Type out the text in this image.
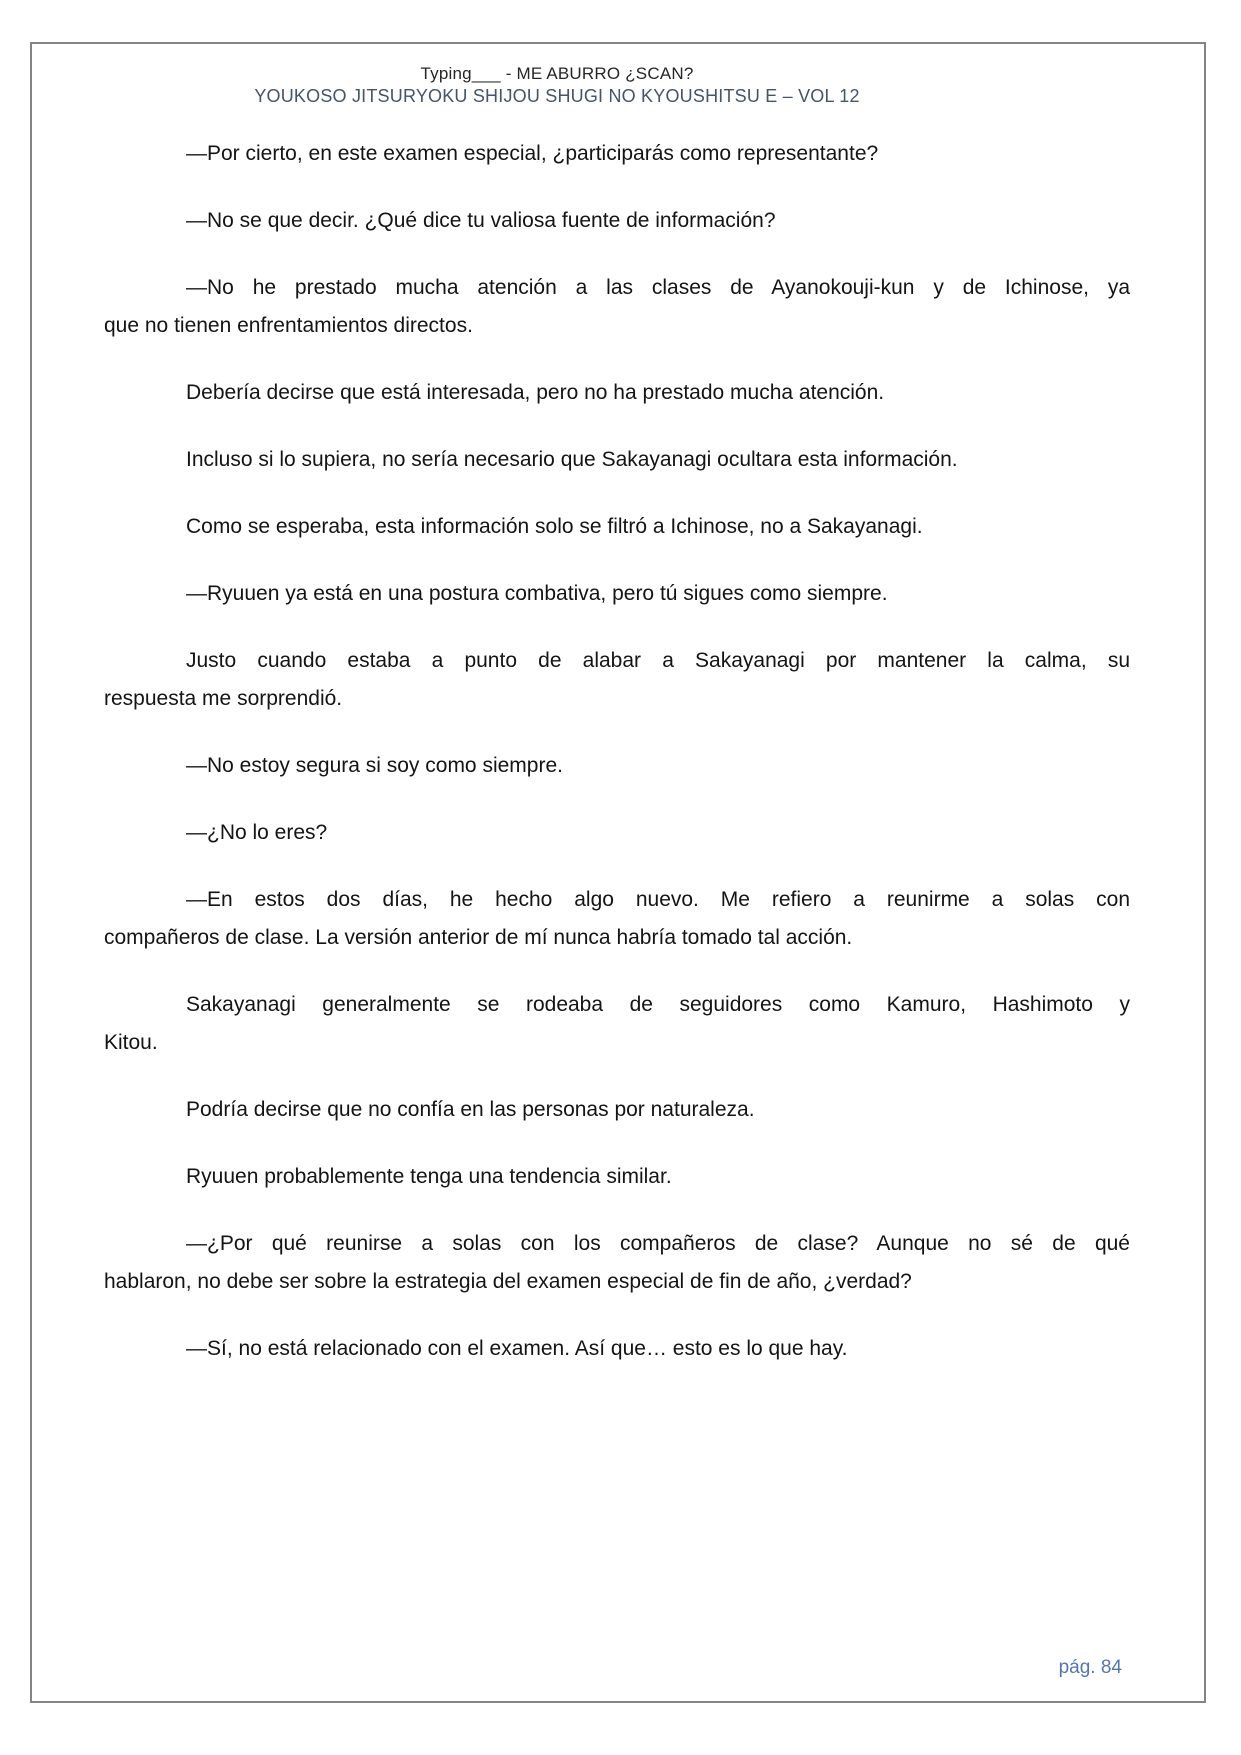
Typing___ - ME ABURRO ¿SCAN?
YOUKOSO JITSURYOKU SHIJOU SHUGI NO KYOUSHITSU E – VOL 12

—Por cierto, en este examen especial, ¿participarás como representante?

—No se que decir. ¿Qué dice tu valiosa fuente de información?

—No he prestado mucha atención a las clases de Ayanokouji-kun y de Ichinose, ya
que no tienen enfrentamientos directos.

Debería decirse que está interesada, pero no ha prestado mucha atención.

Incluso si lo supiera, no sería necesario que Sakayanagi ocultara esta información.

Como se esperaba, esta información solo se filtró a Ichinose, no a Sakayanagi.

—Ryuuen ya está en una postura combativa, pero tú sigues como siempre.

Justo cuando estaba a punto de alabar a Sakayanagi por mantener la calma, su
respuesta me sorprendió.

—No estoy segura si soy como siempre.

—¿No lo eres?

—En estos dos días, he hecho algo nuevo. Me refiero a reunirme a solas con
compañeros de clase. La versión anterior de mí nunca habría tomado tal acción.

Sakayanagi generalmente se rodeaba de seguidores como Kamuro, Hashimoto y
Kitou.

Podría decirse que no confía en las personas por naturaleza.

Ryuuen probablemente tenga una tendencia similar.

—¿Por qué reunirse a solas con los compañeros de clase? Aunque no sé de qué
hablaron, no debe ser sobre la estrategia del examen especial de fin de año, ¿verdad?

—Sí, no está relacionado con el examen. Así que… esto es lo que hay.

pág. 84
